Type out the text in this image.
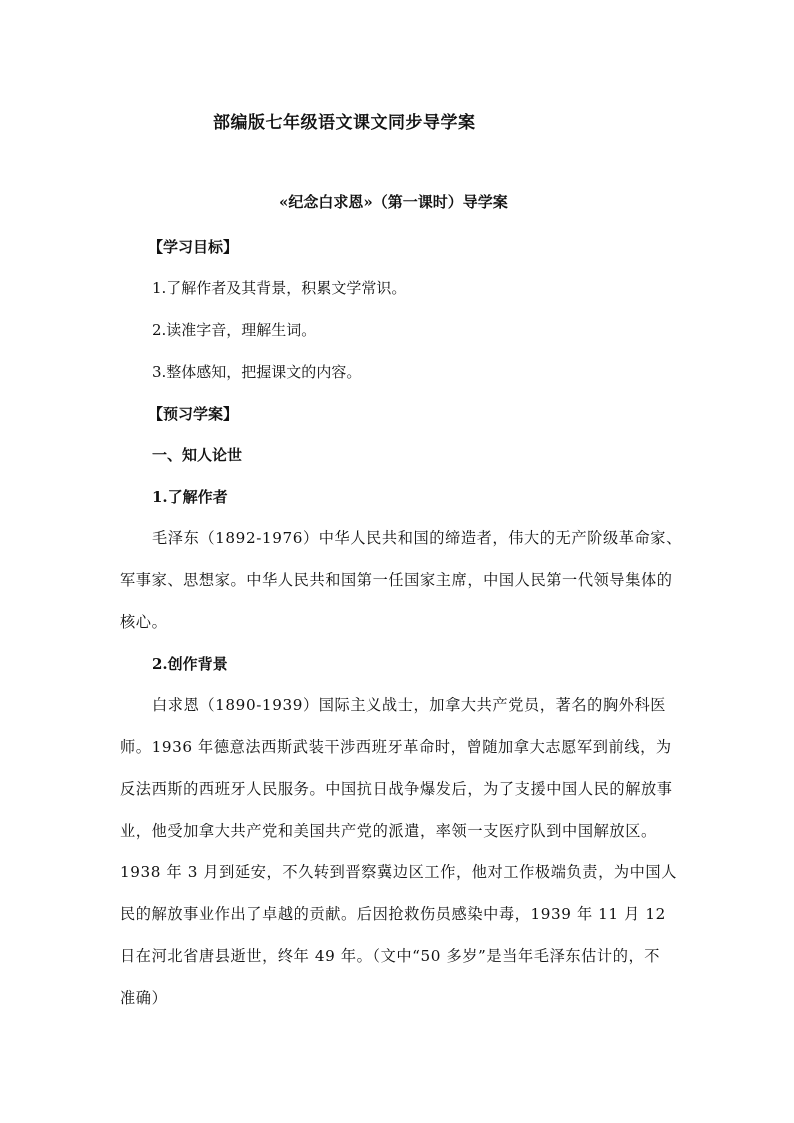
部编版七年级语文课文同步导学案
«纪念白求恩»（第一课时）导学案
【学习目标】
1.了解作者及其背景，积累文学常识。
2.读准字音，理解生词。
3.整体感知，把握课文的内容。
【预习学案】
一、知人论世
1.了解作者
毛泽东（1892-1976）中华人民共和国的缔造者，伟大的无产阶级革命家、
军事家、思想家。中华人民共和国第一任国家主席，中国人民第一代领导集体的
核心。
2.创作背景
白求恩（1890-1939）国际主义战士，加拿大共产党员，著名的胸外科医
师。1936 年德意法西斯武装干涉西班牙革命时，曾随加拿大志愿军到前线，为
反法西斯的西班牙人民服务。中国抗日战争爆发后，为了支援中国人民的解放事
业，他受加拿大共产党和美国共产党的派遣，率领一支医疗队到中国解放区。
1938 年 3 月到延安，不久转到晋察冀边区工作，他对工作极端负责，为中国人
民的解放事业作出了卓越的贡献。后因抢救伤员感染中毒，1939 年 11 月 12
日在河北省唐县逝世，终年 49 年。（文中“50 多岁”是当年毛泽东估计的，不
准确）
